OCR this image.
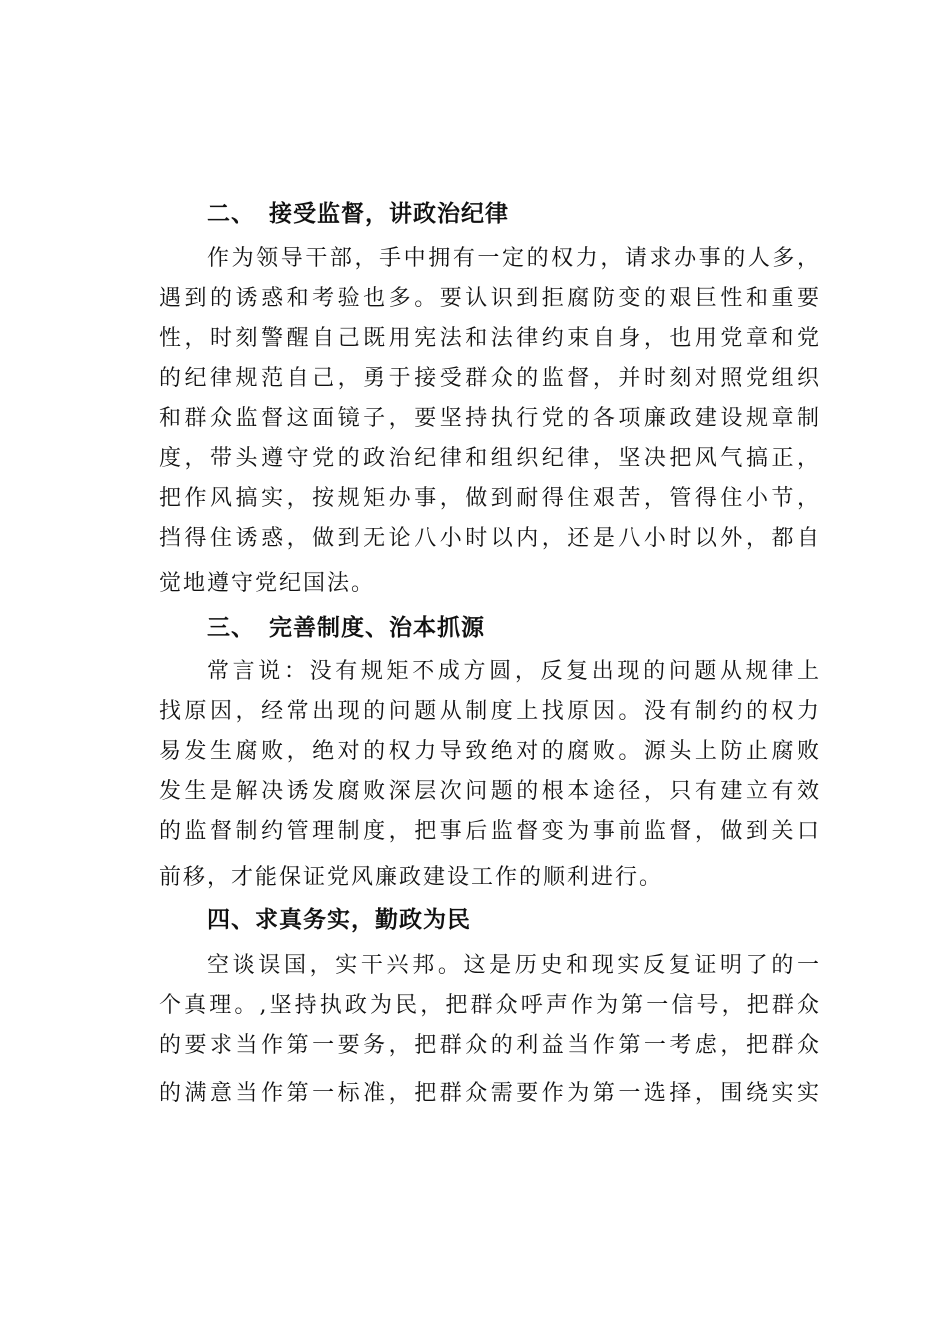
二、 接受监督，讲政治纪律
作为领导干部，手中拥有一定的权力，请求办事的人多，
遇到的诱惑和考验也多。要认识到拒腐防变的艰巨性和重要
性，时刻警醒自己既用宪法和法律约束自身，也用党章和党
的纪律规范自己，勇于接受群众的监督，并时刻对照党组织
和群众监督这面镜子，要坚持执行党的各项廉政建设规章制
度，带头遵守党的政治纪律和组织纪律，坚决把风气搞正，
把作风搞实，按规矩办事，做到耐得住艰苦，管得住小节，
挡得住诱惑，做到无论八小时以内，还是八小时以外，都自
觉地遵守党纪国法。
三、 完善制度、治本抓源
常言说：没有规矩不成方圆，反复出现的问题从规律上
找原因，经常出现的问题从制度上找原因。没有制约的权力
易发生腐败，绝对的权力导致绝对的腐败。源头上防止腐败
发生是解决诱发腐败深层次问题的根本途径，只有建立有效
的监督制约管理制度，把事后监督变为事前监督，做到关口
前移，才能保证党风廉政建设工作的顺利进行。
四、求真务实，勤政为民
空谈误国，实干兴邦。这是历史和现实反复证明了的一
个真理。,坚持执政为民，把群众呼声作为第一信号，把群众
的要求当作第一要务，把群众的利益当作第一考虑，把群众
的满意当作第一标准，把群众需要作为第一选择，围绕实实
